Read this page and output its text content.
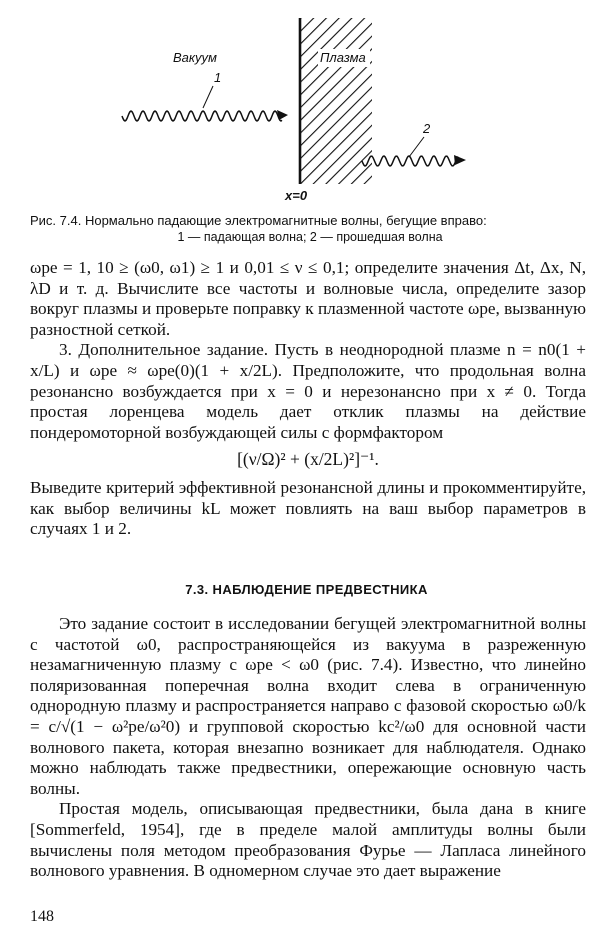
Вакуум	Плазма
1
2
x=0
Рис. 7.4. Нормально падающие электромагнитные волны, бегущие вправо:
1 — падающая волна; 2 — прошедшая волна

ωpe = 1, 10 ≥ (ω0, ω1) ≥ 1 и 0,01 ≤ ν ≤ 0,1; определите значения Δt, Δx, N, λD и т. д. Вычислите все частоты и волновые числа, определите зазор вокруг плазмы и проверьте поправку к плазменной частоте ωpe, вызванную разностной сеткой.

3. Дополнительное задание. Пусть в неоднородной плазме n = n0(1 + x/L) и ωpe ≈ ωpe(0)(1 + x/2L). Предположите, что продольная волна резонансно возбуждается при x = 0 и нерезонансно при x ≠ 0. Тогда простая лоренцева модель дает отклик плазмы на действие пондеромоторной возбуждающей силы с формфактором

[(ν/Ω)² + (x/2L)²]⁻¹.

Выведите критерий эффективной резонансной длины и прокомментируйте, как выбор величины kL может повлиять на ваш выбор параметров в случаях 1 и 2.

7.3. НАБЛЮДЕНИЕ ПРЕДВЕСТНИКА

Это задание состоит в исследовании бегущей электромагнитной волны с частотой ω0, распространяющейся из вакуума в разреженную незамагниченную плазму с ωpe < ω0 (рис. 7.4). Известно, что линейно поляризованная поперечная волна входит слева в ограниченную однородную плазму и распространяется направо с фазовой скоростью ω0/k = c/√(1 − ω²pe/ω²0) и групповой скоростью kc²/ω0 для основной части волнового пакета, которая внезапно возникает для наблюдателя. Однако можно наблюдать также предвестники, опережающие основную часть волны.

Простая модель, описывающая предвестники, была дана в книге [Sommerfeld, 1954], где в пределе малой амплитуды волны были вычислены поля методом преобразования Фурье — Лапласа линейного волнового уравнения. В одномерном случае это дает выражение

148
